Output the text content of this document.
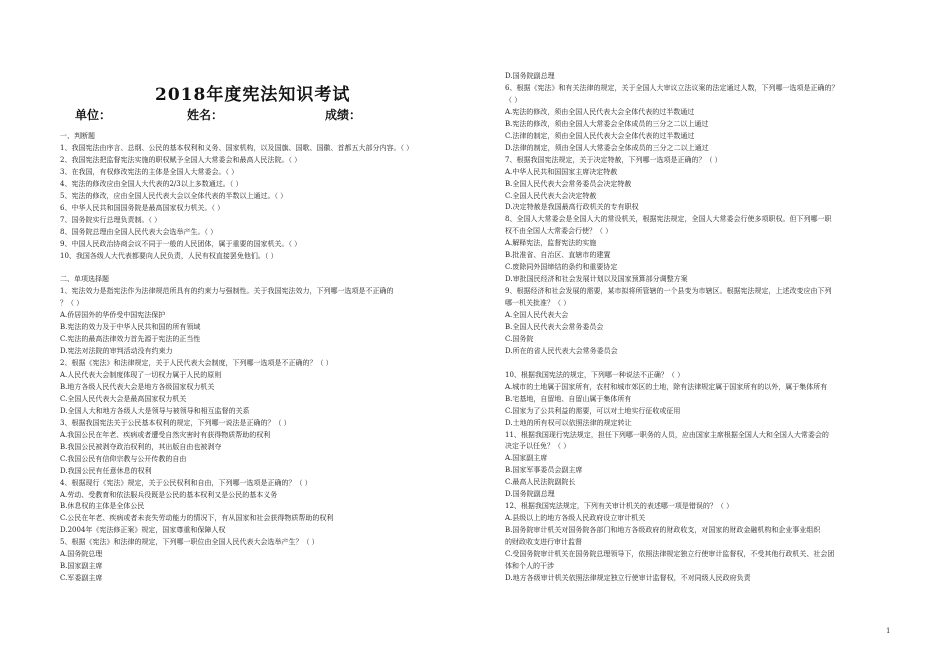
2018年度宪法知识考试
单位：	姓名：	成绩：
一、判断题
1、我国宪法由序言、总纲、公民的基本权利和义务、国家机构，以及国旗、国歌、国徽、首都五大部分内容。（ ）
2、我国宪法把监督宪法实施的职权赋予全国人大常委会和最高人民法院。（ ）
3、在我国，有权修改宪法的主体是全国人大常委会。（ ）
4、宪法的修改应由全国人大代表的2/3以上多数通过。（ ）
5、宪法的修改，应由全国人民代表大会以全体代表的半数以上通过。（ ）
6、中华人民共和国国务院是最高国家权力机关。（ ）
7、国务院实行总理负责制。（ ）
8、国务院总理由全国人民代表大会选举产生。（ ）
9、中国人民政治协商会议不同于一般的人民团体，属于重要的国家机关。（ ）
10、我国各级人大代表都要向人民负责，人民有权直接罢免他们。（ ）
二、单项选择题
1、宪法效力是指宪法作为法律规范所具有的约束力与强制性。关于我国宪法效力，下列哪一选项是不正确的
？（ ）
A.侨居国外的华侨受中国宪法保护
B.宪法的效力及于中华人民共和国的所有领域
C.宪法的最高法律效力首先源于宪法的正当性
D.宪法对法院的审判活动没有约束力
2、根据《宪法》和法律规定，关于人民代表大会制度，下列哪一选项是不正确的？（ ）
A.人民代表大会制度体现了一切权力属于人民的原则
B.地方各级人民代表大会是地方各级国家权力机关
C.全国人民代表大会是最高国家权力机关
D.全国人大和地方各级人大是领导与被领导和相互监督的关系
3、根据我国宪法关于公民基本权利的规定，下列哪一说法是正确的？（ ）
A.我国公民在年老、疾病或者遭受自然灾害时有获得物质帮助的权利
B.我国公民被剥夺政治权利的，其出版自由也被剥夺
C.我国公民有信仰宗教与公开传教的自由
D.我国公民有任意休息的权利
4、根据现行《宪法》规定，关于公民权利和自由，下列哪一选项是正确的？（ ）
A.劳动、受教育和依法服兵役既是公民的基本权利又是公民的基本义务
B.休息权的主体是全体公民
C.公民在年老、疾病或者未丧失劳动能力的情况下，有从国家和社会获得物质帮助的权利
D.2004年《宪法修正案》规定，国家尊重和保障人权
5、根据《宪法》和法律的规定，下列哪一职位由全国人民代表大会选举产生？（ ）
A.国务院总理
B.国家副主席
C.军委副主席
D.国务院副总理
6、根据《宪法》和有关法律的规定，关于全国人大审议立法议案的法定通过人数，下列哪一选项是正确的？
（ ）
A.宪法的修改，须由全国人民代表大会全体代表的过半数通过
B.宪法的修改，须由全国人大常委会全体成员的三分之二以上通过
C.法律的制定，须由全国人民代表大会全体代表的过半数通过
D.法律的制定，须由全国人大常委会全体成员的三分之二以上通过
7、根据我国宪法规定，关于决定特赦，下列哪一选项是正确的？（ ）
A.中华人民共和国国家主席决定特赦
B.全国人民代表大会常务委员会决定特赦
C.全国人民代表大会决定特赦
D.决定特赦是我国最高行政机关的专有职权
8、全国人大常委会是全国人大的常设机关，根据宪法规定，全国人大常委会行使多项职权。但下列哪一职
权不由全国人大常委会行使？（ ）
A.解释宪法，监督宪法的实施
B.批准省、自治区、直辖市的建置
C.废除同外国缔结的条约和重要协定
D.审批国民经济和社会发展计划以及国家预算部分调整方案
9、根据经济和社会发展的需要，某市拟将所管辖的一个县变为市辖区。根据宪法规定，上述改变应由下列
哪一机关批准？（ ）
A.全国人民代表大会
B.全国人民代表大会常务委员会
C.国务院
D.所在的省人民代表大会常务委员会
10、根据我国宪法的规定，下列哪一种说法不正确？（ ）
A.城市的土地属于国家所有，农村和城市郊区的土地，除有法律规定属于国家所有的以外，属于集体所有
B.宅基地，自留地、自留山属于集体所有
C.国家为了公共利益的需要，可以对土地实行征收或征用
D.土地的所有权可以依照法律的规定转让
11、根据我国现行宪法规定，担任下列哪一职务的人员，应由国家主席根据全国人大和全国人大常委会的
决定予以任免？（ ）
A.国家副主席
B.国家军事委员会副主席
C.最高人民法院副院长
D.国务院副总理
12、根据我国宪法规定，下列有关审计机关的表述哪一项是错误的？（ ）
A.县级以上的地方各级人民政府设立审计机关
B.国务院审计机关对国务院各部门和地方各级政府的财政收支，对国家的财政金融机构和企业事业组织
的财政收支进行审计监督
C.受国务院审计机关在国务院总理领导下，依照法律规定独立行使审计监督权，不受其他行政机关、社会团
体和个人的干涉
D.地方各级审计机关依照法律规定独立行使审计监督权，不对同级人民政府负责
1
